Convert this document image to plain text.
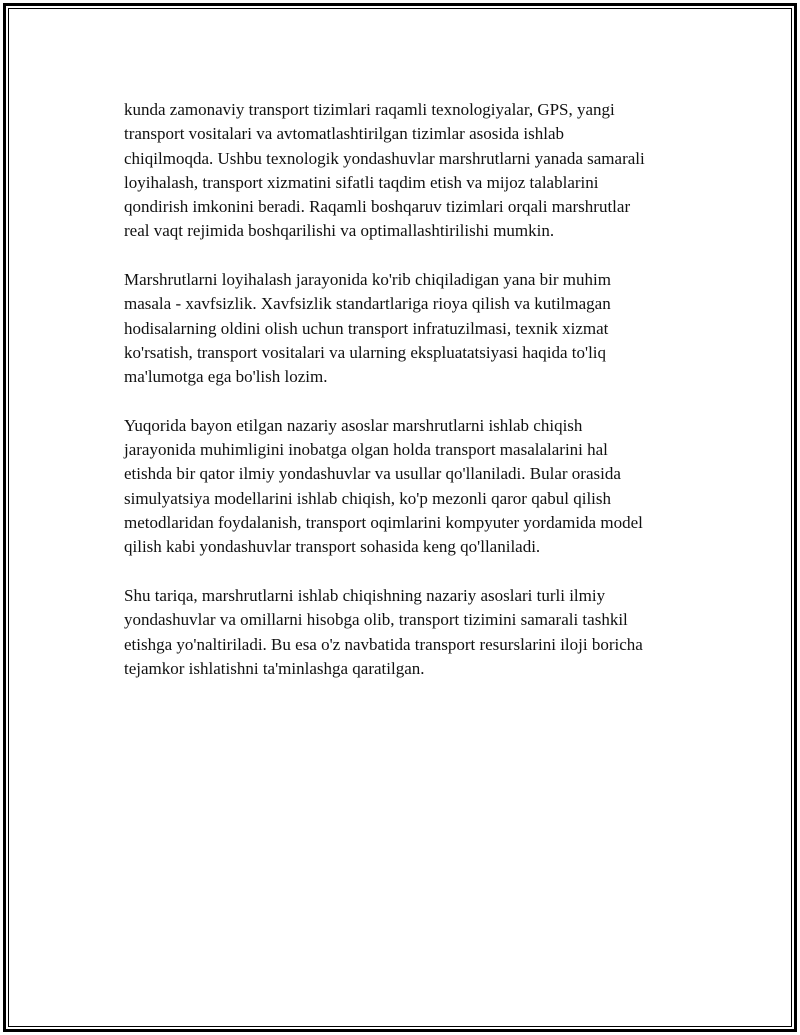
kunda zamonaviy transport tizimlari raqamli texnologiyalar, GPS, yangi
transport vositalari va avtomatlashtirilgan tizimlar asosida ishlab
chiqilmoqda. Ushbu texnologik yondashuvlar marshrutlarni yanada samarali
loyihalash, transport xizmatini sifatli taqdim etish va mijoz talablarini
qondirish imkonini beradi. Raqamli boshqaruv tizimlari orqali marshrutlar
real vaqt rejimida boshqarilishi va optimallashtirilishi mumkin.

Marshrutlarni loyihalash jarayonida ko'rib chiqiladigan yana bir muhim
masala - xavfsizlik. Xavfsizlik standartlariga rioya qilish va kutilmagan
hodisalarning oldini olish uchun transport infratuzilmasi, texnik xizmat
ko'rsatish, transport vositalari va ularning ekspluatatsiyasi haqida to'liq
ma'lumotga ega bo'lish lozim.

Yuqorida bayon etilgan nazariy asoslar marshrutlarni ishlab chiqish
jarayonida muhimligini inobatga olgan holda transport masalalarini hal
etishda bir qator ilmiy yondashuvlar va usullar qo'llaniladi. Bular orasida
simulyatsiya modellarini ishlab chiqish, ko'p mezonli qaror qabul qilish
metodlaridan foydalanish, transport oqimlarini kompyuter yordamida model
qilish kabi yondashuvlar transport sohasida keng qo'llaniladi.

Shu tariqa, marshrutlarni ishlab chiqishning nazariy asoslari turli ilmiy
yondashuvlar va omillarni hisobga olib, transport tizimini samarali tashkil
etishga yo'naltiriladi. Bu esa o'z navbatida transport resurslarini iloji boricha
tejamkor ishlatishni ta'minlashga qaratilgan.
